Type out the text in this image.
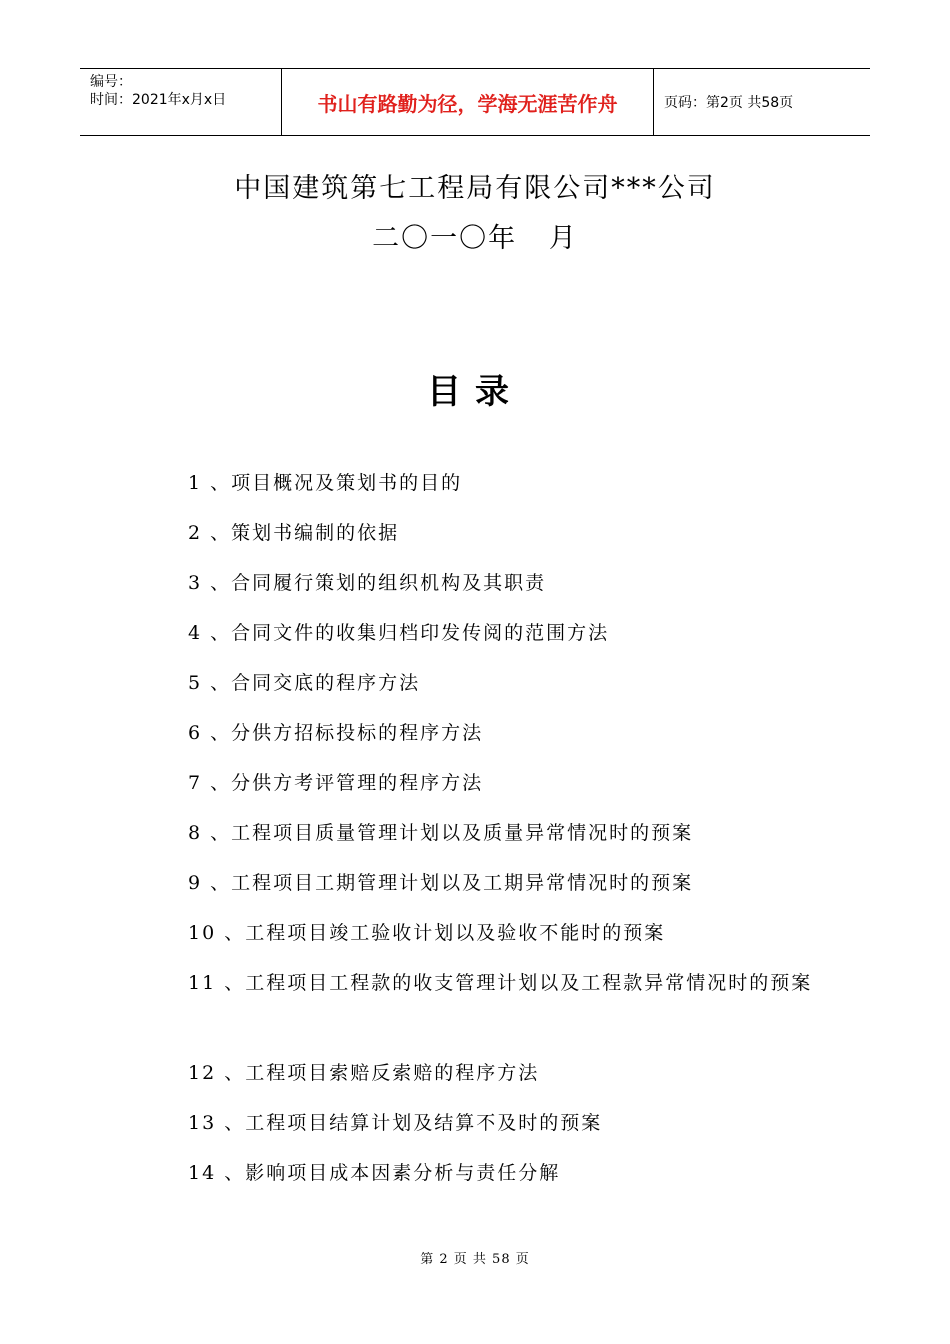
编号：
时间：2021年x月x日	书山有路勤为径，学海无涯苦作舟	页码：第2页 共58页
中国建筑第七工程局有限公司***公司
二〇一〇年   月
目录
1 、项目概况及策划书的目的
2 、策划书编制的依据
3 、合同履行策划的组织机构及其职责
4 、合同文件的收集归档印发传阅的范围方法
5 、合同交底的程序方法
6 、分供方招标投标的程序方法
7 、分供方考评管理的程序方法
8 、工程项目质量管理计划以及质量异常情况时的预案
9 、工程项目工期管理计划以及工期异常情况时的预案
10 、工程项目竣工验收计划以及验收不能时的预案
11 、工程项目工程款的收支管理计划以及工程款异常情况时的预案
12 、工程项目索赔反索赔的程序方法
13 、工程项目结算计划及结算不及时的预案
14 、影响项目成本因素分析与责任分解
第 2 页 共 58 页
